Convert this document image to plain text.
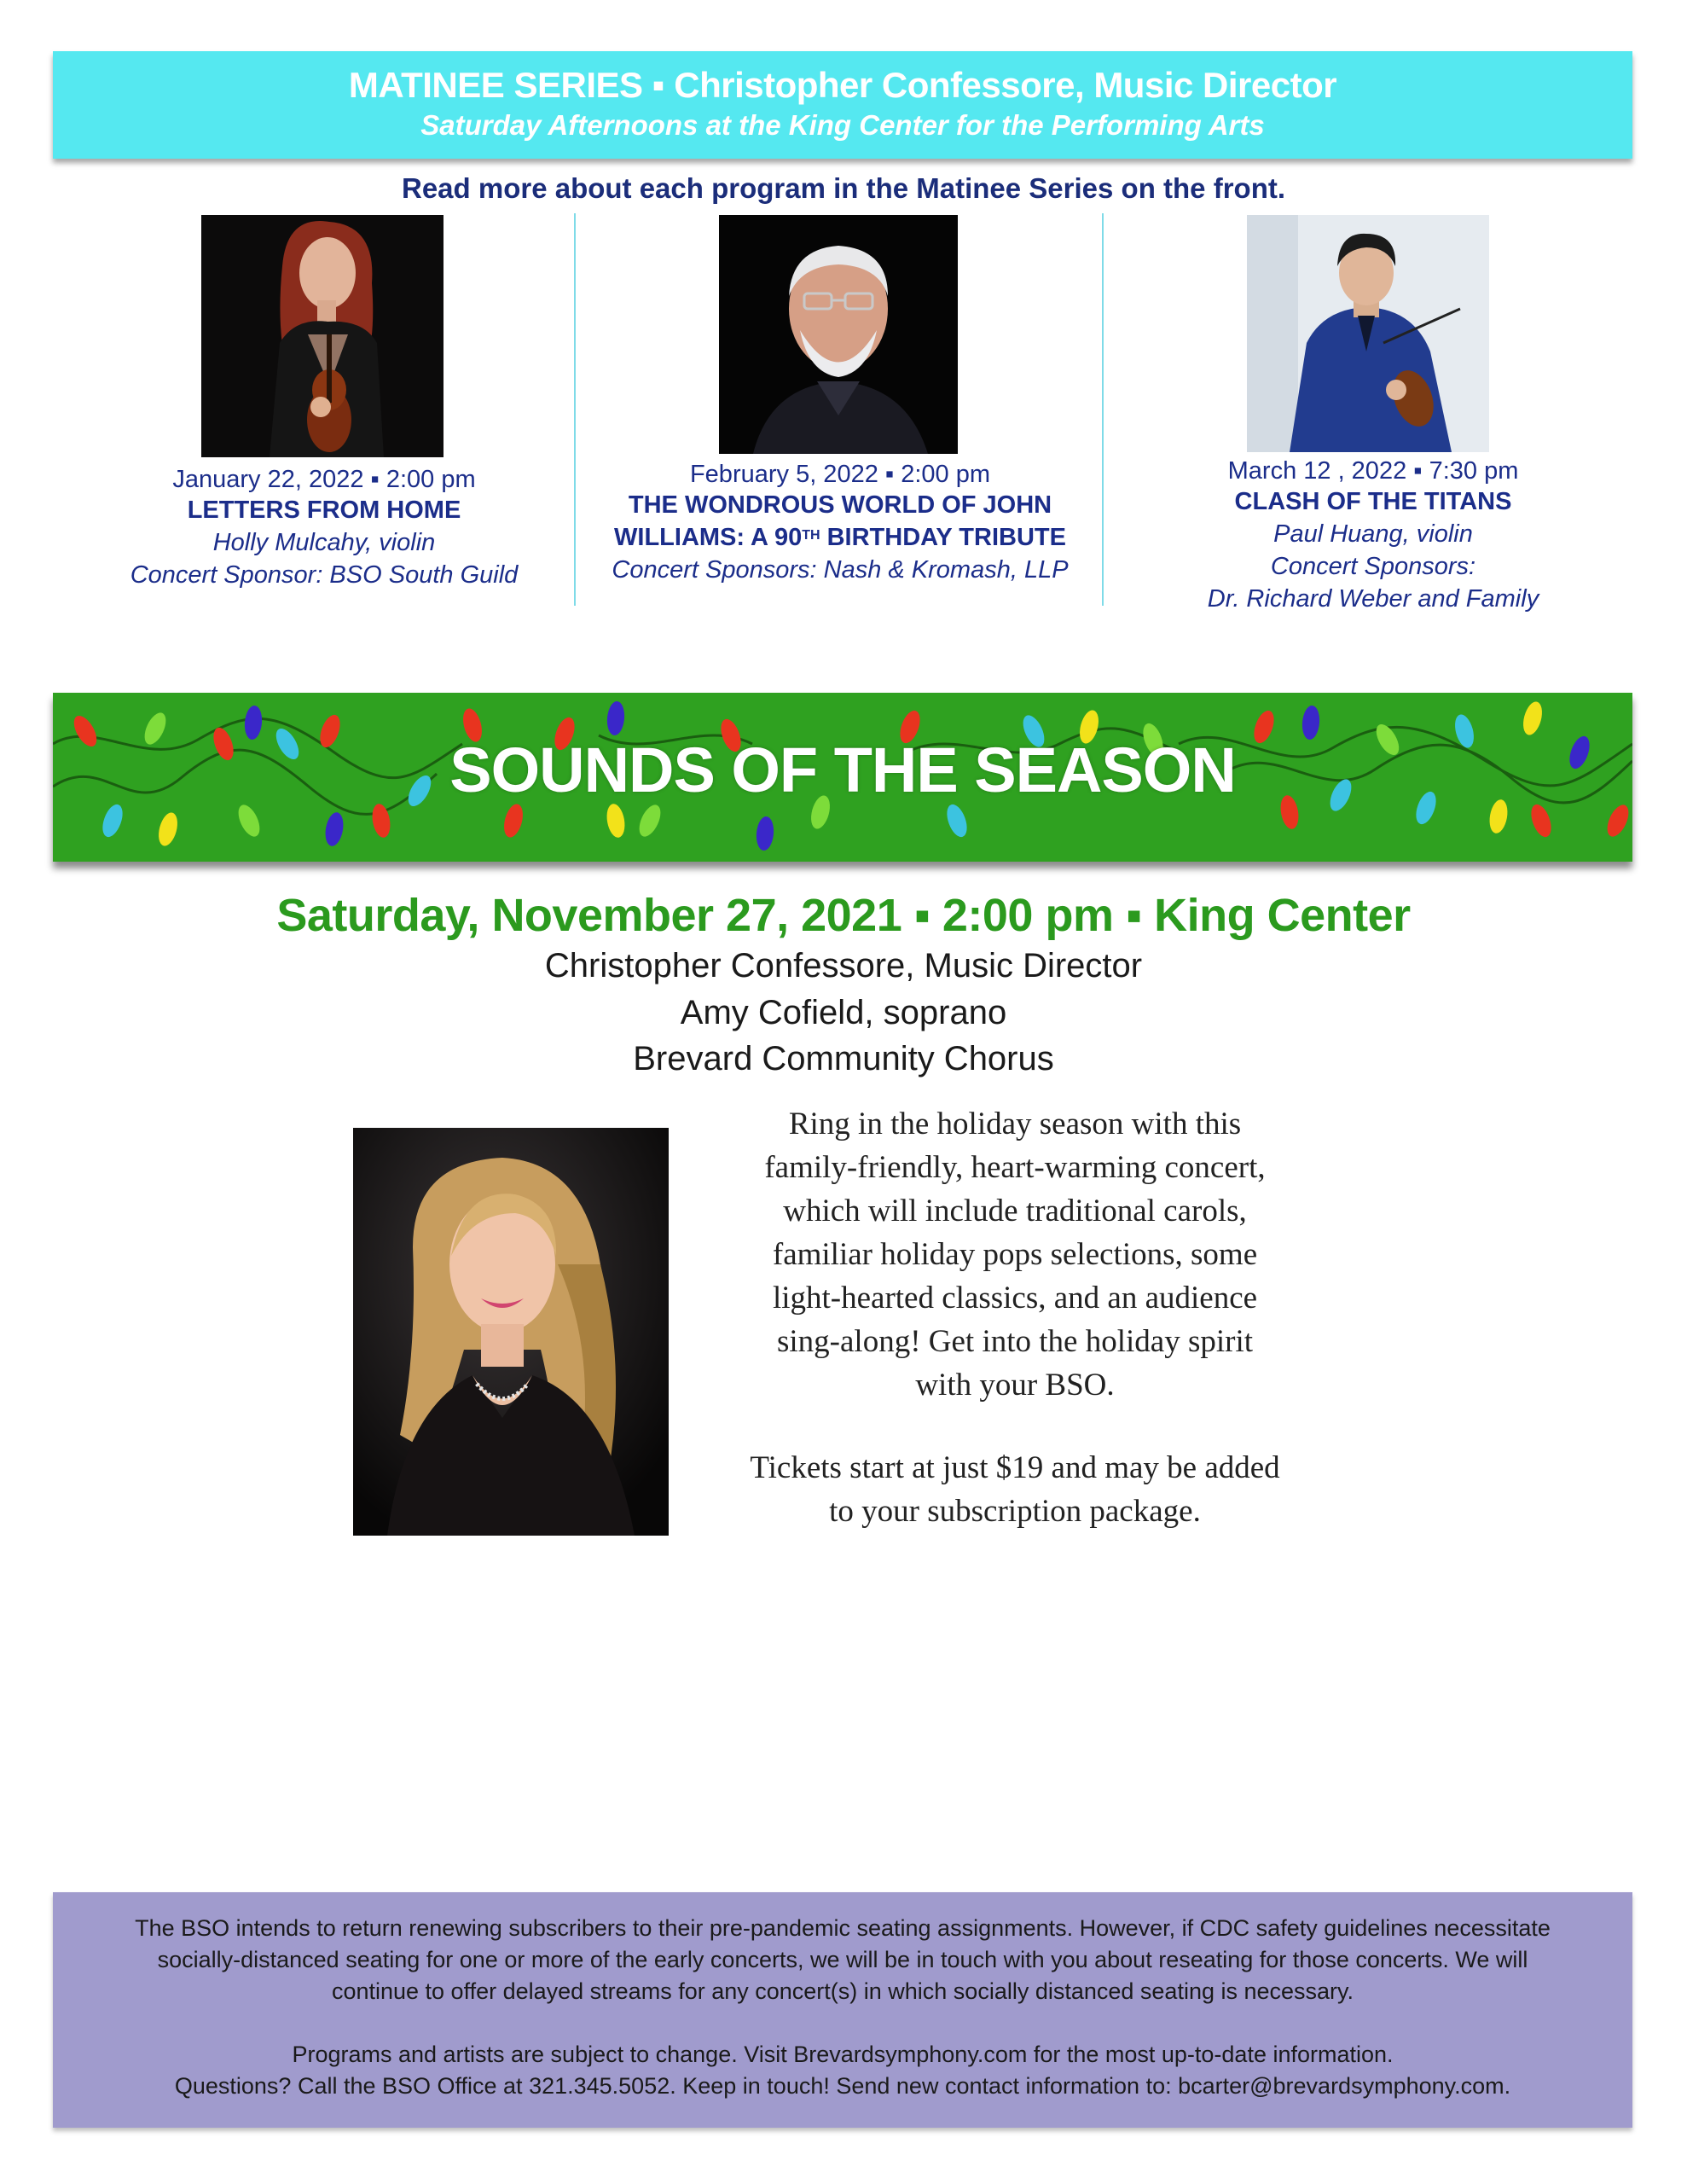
MATINEE SERIES ▪ Christopher Confessore, Music Director
Saturday Afternoons at the King Center for the Performing Arts
Read more about each program in the Matinee Series on the front.
January 22, 2022 ▪ 2:00 pm
LETTERS FROM HOME
Holly Mulcahy, violin
Concert Sponsor: BSO South Guild
February 5, 2022 ▪ 2:00 pm
THE WONDROUS WORLD OF JOHN
WILLIAMS: A 90TH BIRTHDAY TRIBUTE
Concert Sponsors: Nash & Kromash, LLP
March 12 , 2022 ▪ 7:30 pm
CLASH OF THE TITANS
Paul Huang, violin
Concert Sponsors:
Dr. Richard Weber and Family
SOUNDS OF THE SEASON
Saturday, November 27, 2021 ▪ 2:00 pm ▪ King Center
Christopher Confessore, Music Director
Amy Cofield, soprano
Brevard Community Chorus
Ring in the holiday season with this
family-friendly, heart-warming concert,
which will include traditional carols,
familiar holiday pops selections, some
light-hearted classics, and an audience
sing-along! Get into the holiday spirit
with your BSO.
Tickets start at just $19 and may be added
to your subscription package.
The BSO intends to return renewing subscribers to their pre-pandemic seating assignments. However, if CDC safety guidelines necessitate socially-distanced seating for one or more of the early concerts, we will be in touch with you about reseating for those concerts. We will continue to offer delayed streams for any concert(s) in which socially distanced seating is necessary.
Programs and artists are subject to change. Visit Brevardsymphony.com for the most up-to-date information.
Questions? Call the BSO Office at 321.345.5052. Keep in touch! Send new contact information to: bcarter@brevardsymphony.com.
